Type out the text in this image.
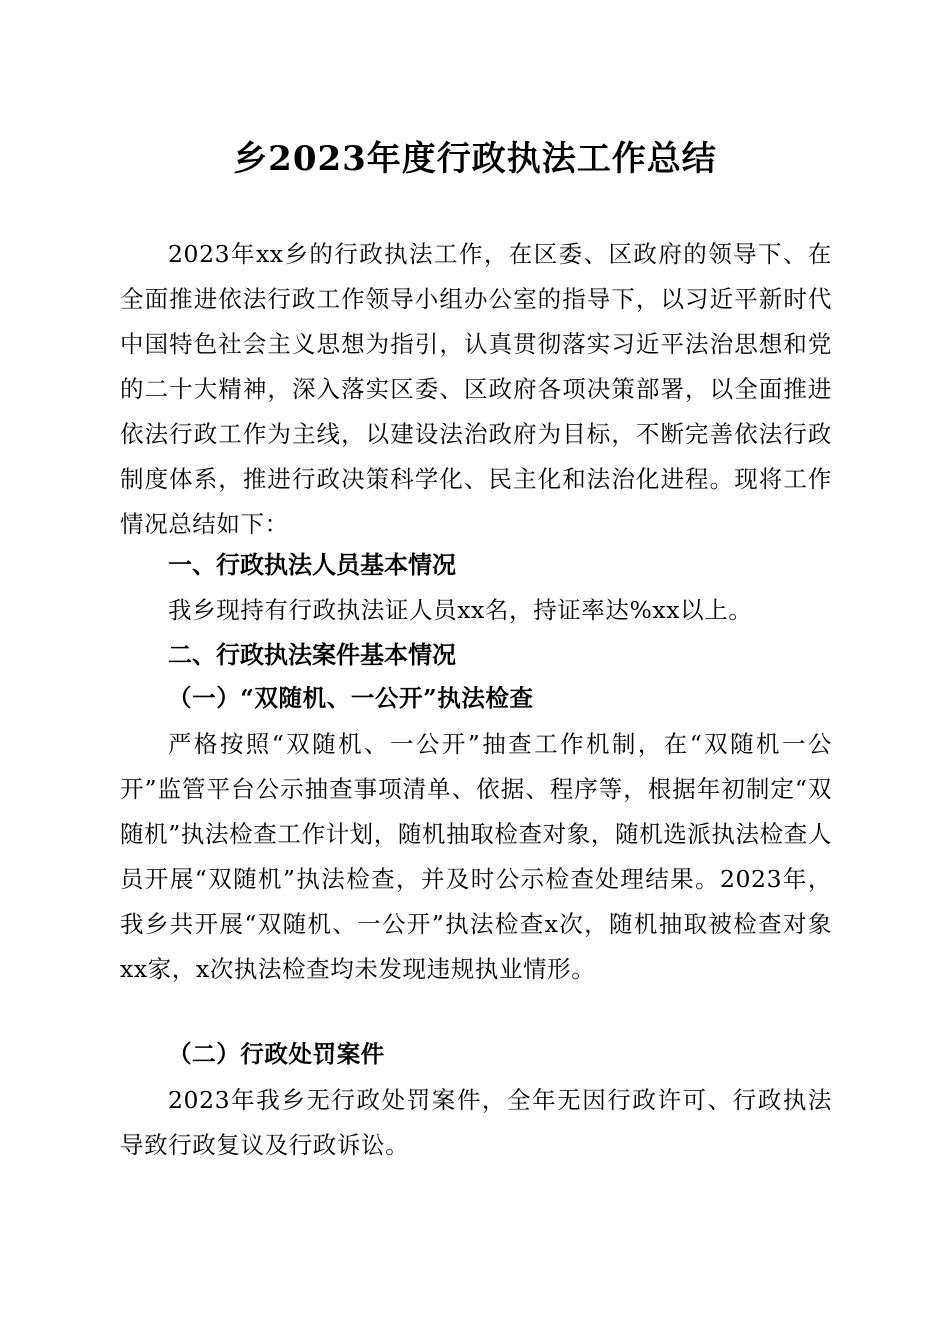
乡2023年度行政执法工作总结

2023年xx乡的行政执法工作，在区委、区政府的领导下、在全面推进依法行政工作领导小组办公室的指导下，以习近平新时代中国特色社会主义思想为指引，认真贯彻落实习近平法治思想和党的二十大精神，深入落实区委、区政府各项决策部署，以全面推进依法行政工作为主线，以建设法治政府为目标，不断完善依法行政制度体系，推进行政决策科学化、民主化和法治化进程。现将工作情况总结如下：

一、行政执法人员基本情况

我乡现持有行政执法证人员xx名，持证率达%xx以上。

二、行政执法案件基本情况
（一）“双随机、一公开”执法检查

严格按照“双随机、一公开”抽查工作机制，在“双随机一公开”监管平台公示抽查事项清单、依据、程序等，根据年初制定“双随机”执法检查工作计划，随机抽取检查对象，随机选派执法检查人员开展“双随机”执法检查，并及时公示检查处理结果。2023年，我乡共开展“双随机、一公开”执法检查x次，随机抽取被检查对象xx家，x次执法检查均未发现违规执业情形。

（二）行政处罚案件

2023年我乡无行政处罚案件，全年无因行政许可、行政执法导致行政复议及行政诉讼。
